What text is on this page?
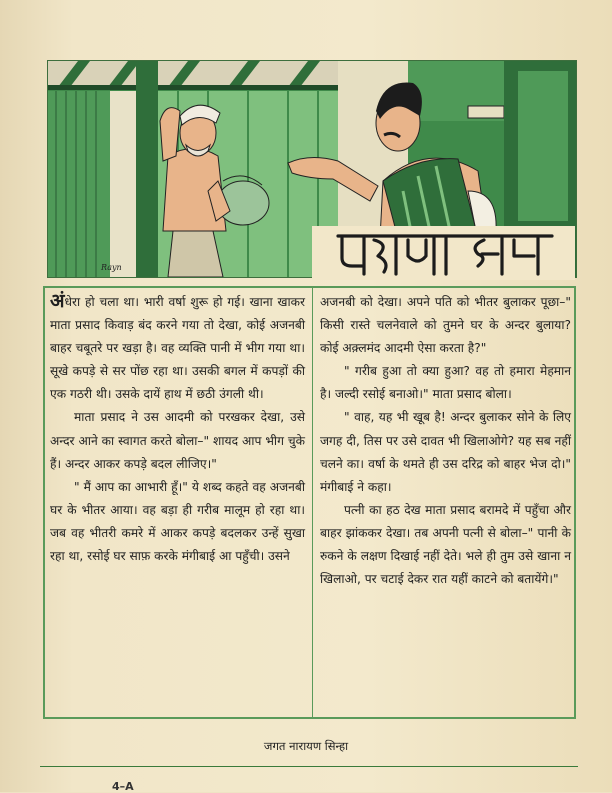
Rayn

अंधेरा हो चला था। भारी वर्षा शुरू हो गई। खाना खाकर माता प्रसाद किवाड़ बंद करने गया तो देखा, कोई अजनबी बाहर चबूतरे पर खड़ा है। वह व्यक्ति पानी में भीग गया था। सूखे कपड़े से सर पोंछ रहा था। उसकी बगल में कपड़ों की एक गठरी थी। उसके दायें हाथ में छठी उंगली थी।

माता प्रसाद ने उस आदमी को परखकर देखा, उसे अन्दर आने का स्वागत करते बोला–" शायद आप भीग चुके हैं। अन्दर आकर कपड़े बदल लीजिए।"

" मैं आप का आभारी हूँ।" ये शब्द कहते वह अजनबी घर के भीतर आया। वह बड़ा ही गरीब मालूम हो रहा था। जब वह भीतरी कमरे में आकर कपड़े बदलकर उन्हें सुखा रहा था, रसोई घर साफ़ करके मंगीबाई आ पहुँची। उसने

अजनबी को देखा। अपने पति को भीतर बुलाकर पूछा–" किसी रास्ते चलनेवाले को तुमने घर के अन्दर बुलाया? कोई अक़्लमंद आदमी ऐसा करता है?"

" गरीब हुआ तो क्या हुआ? वह तो हमारा मेहमान है। जल्दी रसोई बनाओ।" माता प्रसाद बोला।

" वाह, यह भी खूब है! अन्दर बुलाकर सोने के लिए जगह दी, तिस पर उसे दावत भी खिलाओगे? यह सब नहीं चलने का। वर्षा के थमते ही उस दरिद्र को बाहर भेज दो।" मंगीबाई ने कहा।

पत्नी का हठ देख माता प्रसाद बरामदे में पहुँचा और बाहर झांककर देखा। तब अपनी पत्नी से बोला–" पानी के रुकने के लक्षण दिखाई नहीं देते। भले ही तुम उसे खाना न खिलाओ, पर चटाई देकर रात यहीं काटने को बतायेंगे।"

जगत नारायण सिन्हा
4–A
